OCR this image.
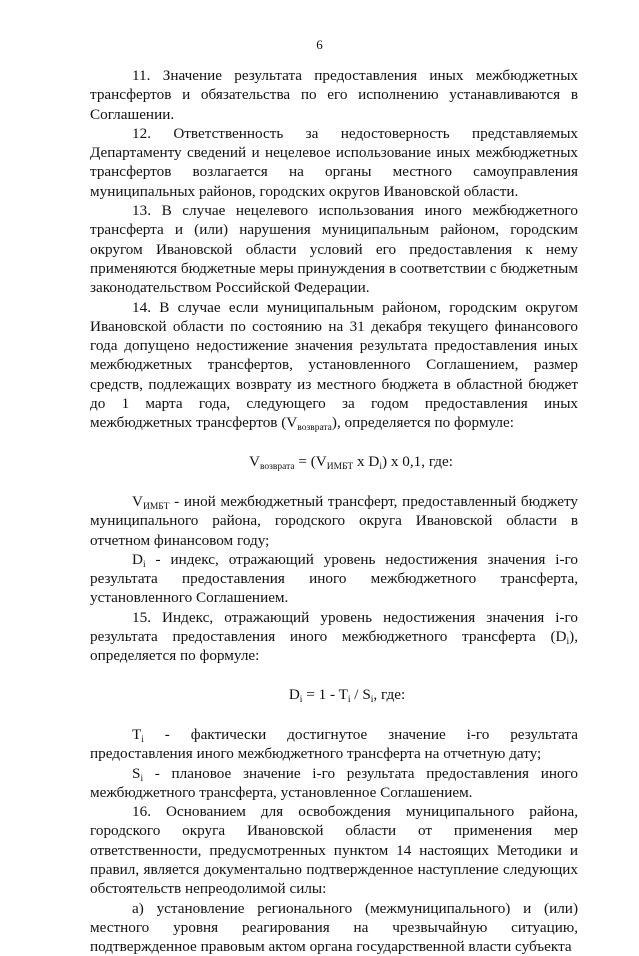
6

11. Значение результата предоставления иных межбюджетных трансфертов и обязательства по его исполнению устанавливаются в Соглашении.

12. Ответственность за недостоверность представляемых Департаменту сведений и нецелевое использование иных межбюджетных трансфертов возлагается на органы местного самоуправления муниципальных районов, городских округов Ивановской области.

13. В случае нецелевого использования иного межбюджетного трансферта и (или) нарушения муниципальным районом, городским округом Ивановской области условий его предоставления к нему применяются бюджетные меры принуждения в соответствии с бюджетным законодательством Российской Федерации.

14. В случае если муниципальным районом, городским округом Ивановской области по состоянию на 31 декабря текущего финансового года допущено недостижение значения результата предоставления иных межбюджетных трансфертов, установленного Соглашением, размер средств, подлежащих возврату из местного бюджета в областной бюджет до 1 марта года, следующего за годом предоставления иных межбюджетных трансфертов $(V_{возврата})$, определяется по формуле:

$V_{возврата} = (V_{ИМБТ}$ x $D_i$) x 0,1, где:

$V_{ИМБТ}$ - иной межбюджетный трансферт, предоставленный бюджету муниципального района, городского округа Ивановской области в отчетном финансовом году;

$D_i$ - индекс, отражающий уровень недостижения значения i-го результата предоставления иного межбюджетного трансферта, установленного Соглашением.

15. Индекс, отражающий уровень недостижения значения i-го результата предоставления иного межбюджетного трансферта $(D_i)$, определяется по формуле:

$D_i = 1 - T_i / S_i$, где:

$T_i$ - фактически достигнутое значение i-го результата предоставления иного межбюджетного трансферта на отчетную дату;

$S_i$ - плановое значение i-го результата предоставления иного межбюджетного трансферта, установленное Соглашением.

16. Основанием для освобождения муниципального района, городского округа Ивановской области от применения мер ответственности, предусмотренных пунктом 14 настоящих Методики и правил, является документально подтвержденное наступление следующих обстоятельств непреодолимой силы:

а) установление регионального (межмуниципального) и (или) местного уровня реагирования на чрезвычайную ситуацию, подтвержденное правовым актом органа государственной власти субъекта
